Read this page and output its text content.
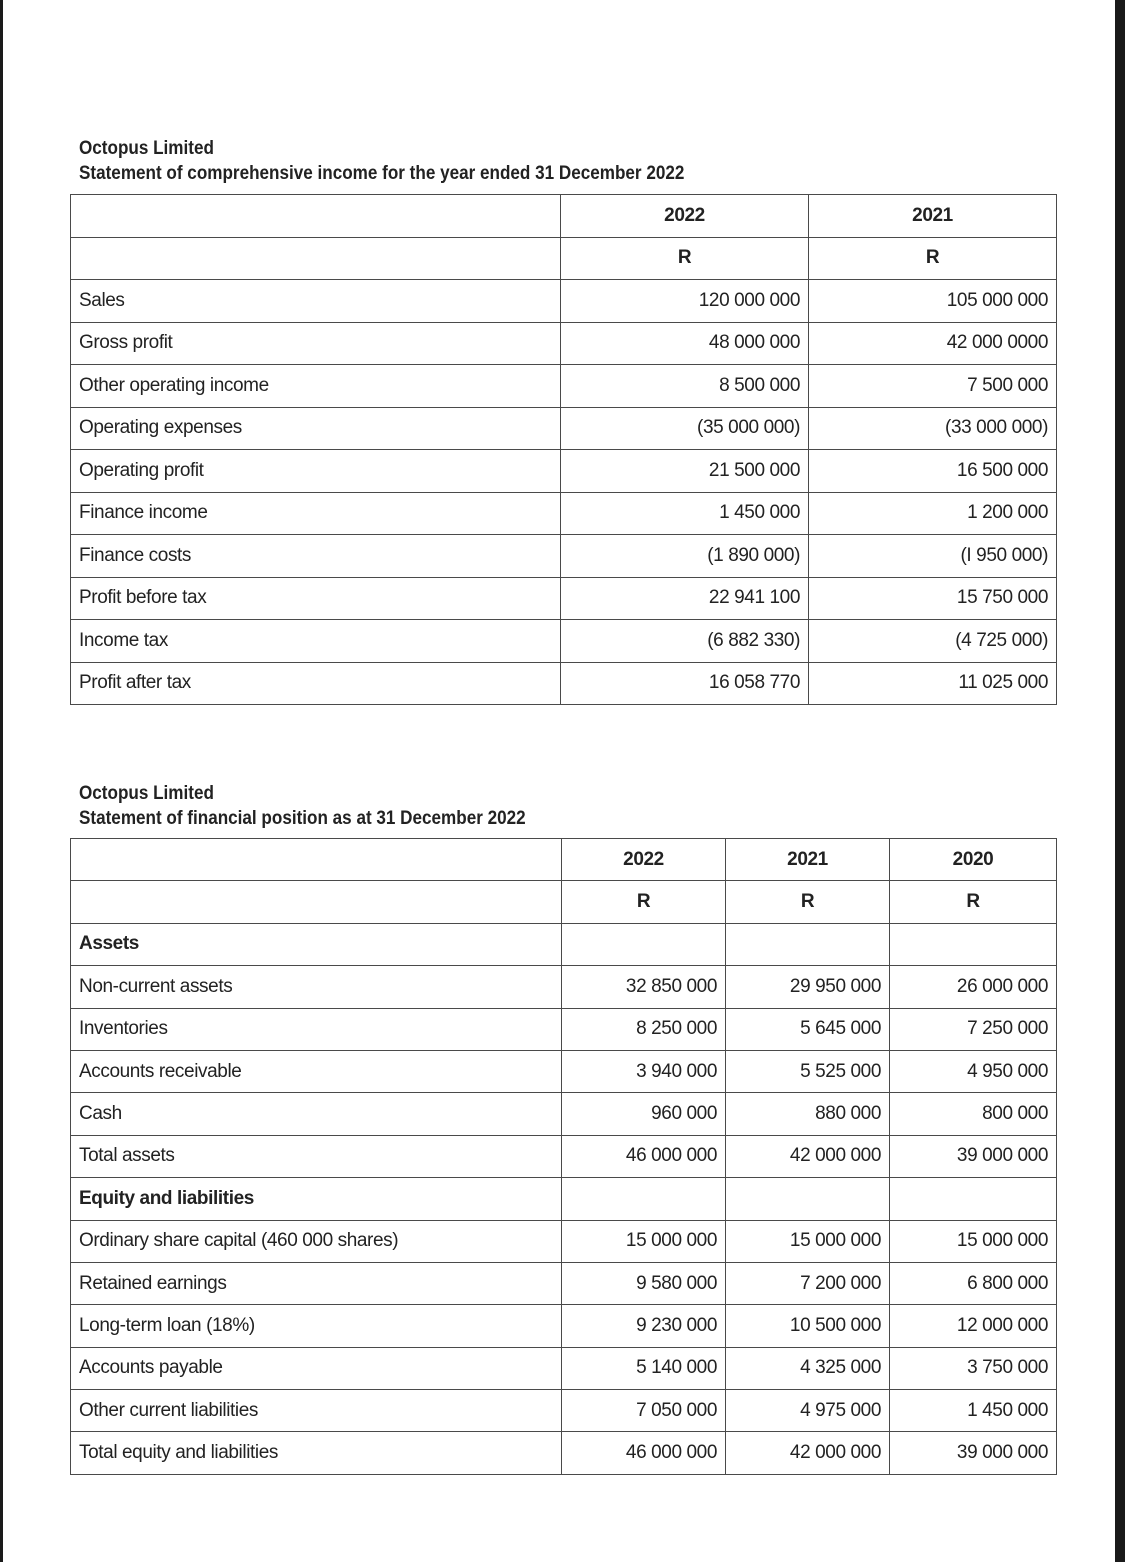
Octopus Limited
Statement of comprehensive income for the year ended 31 December 2022
	2022	2021
	R	R
Sales	120 000 000	105 000 000
Gross profit	48 000 000	42 000 0000
Other operating income	8 500 000	7 500 000
Operating expenses	(35 000 000)	(33 000 000)
Operating profit	21 500 000	16 500 000
Finance income	1 450 000	1 200 000
Finance costs	(1 890 000)	(I 950 000)
Profit before tax	22 941 100	15 750 000
Income tax	(6 882 330)	(4 725 000)
Profit after tax	16 058 770	11 025 000
Octopus Limited
Statement of financial position as at 31 December 2022
	2022	2021	2020
	R	R	R
Assets			
Non-current assets	32 850 000	29 950 000	26 000 000
Inventories	8 250 000	5 645 000	7 250 000
Accounts receivable	3 940 000	5 525 000	4 950 000
Cash	960 000	880 000	800 000
Total assets	46 000 000	42 000 000	39 000 000
Equity and liabilities			
Ordinary share capital (460 000 shares)	15 000 000	15 000 000	15 000 000
Retained earnings	9 580 000	7 200 000	6 800 000
Long-term loan (18%)	9 230 000	10 500 000	12 000 000
Accounts payable	5 140 000	4 325 000	3 750 000
Other current liabilities	7 050 000	4 975 000	1 450 000
Total equity and liabilities	46 000 000	42 000 000	39 000 000
